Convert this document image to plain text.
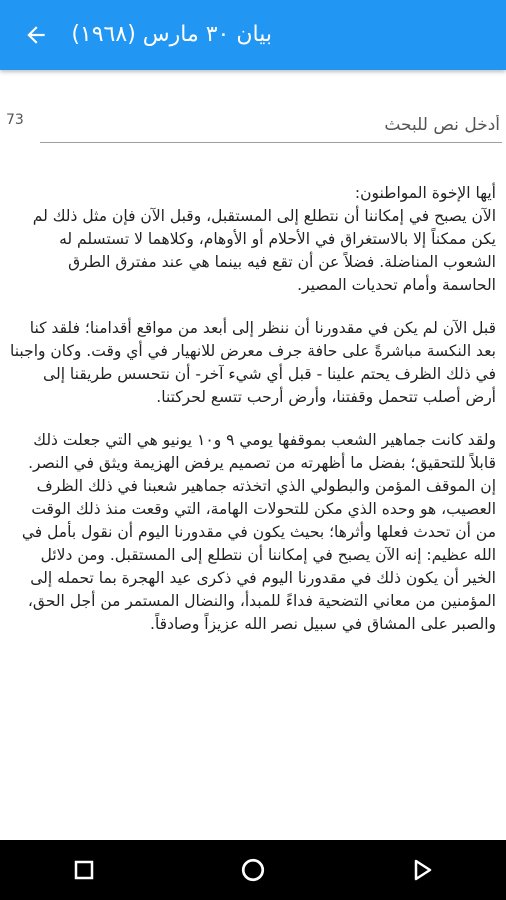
بيان ٣٠ مارس (١٩٦٨)
73
أدخل نص للبحث

أيها الإخوة المواطنون:
الآن يصبح في إمكاننا أن نتطلع إلى المستقبل، وقبل الآن فإن مثل ذلك لم يكن ممكناً إلا بالاستغراق في الأحلام أو الأوهام، وكلاهما لا تستسلم له الشعوب المناضلة. فضلاً عن أن تقع فيه بينما هي عند مفترق الطرق الحاسمة وأمام تحديات المصير.

قبل الآن لم يكن في مقدورنا أن ننظر إلى أبعد من مواقع أقدامنا؛ فلقد كنا بعد النكسة مباشرةً على حافة جرف معرض للانهيار في أي وقت. وكان واجبنا في ذلك الظرف يحتم علينا - قبل أي شيء آخر- أن نتحسس طريقنا إلى أرض أصلب تتحمل وقفتنا، وأرض أرحب تتسع لحركتنا.

ولقد كانت جماهير الشعب بموقفها يومي ٩ و١٠ يونيو هي التي جعلت ذلك قابلاً للتحقيق؛ بفضل ما أظهرته من تصميم يرفض الهزيمة ويثق في النصر. إن الموقف المؤمن والبطولي الذي اتخذته جماهير شعبنا في ذلك الظرف العصيب، هو وحده الذي مكن للتحولات الهامة، التي وقعت منذ ذلك الوقت من أن تحدث فعلها وأثرها؛ بحيث يكون في مقدورنا اليوم أن نقول بأمل في الله عظيم: إنه الآن يصبح في إمكاننا أن نتطلع إلى المستقبل. ومن دلائل الخير أن يكون ذلك في مقدورنا اليوم في ذكرى عيد الهجرة بما تحمله إلى المؤمنين من معاني التضحية فداءً للمبدأ، والنضال المستمر من أجل الحق، والصبر على المشاق في سبيل نصر الله عزيزاً وصادقاً.
